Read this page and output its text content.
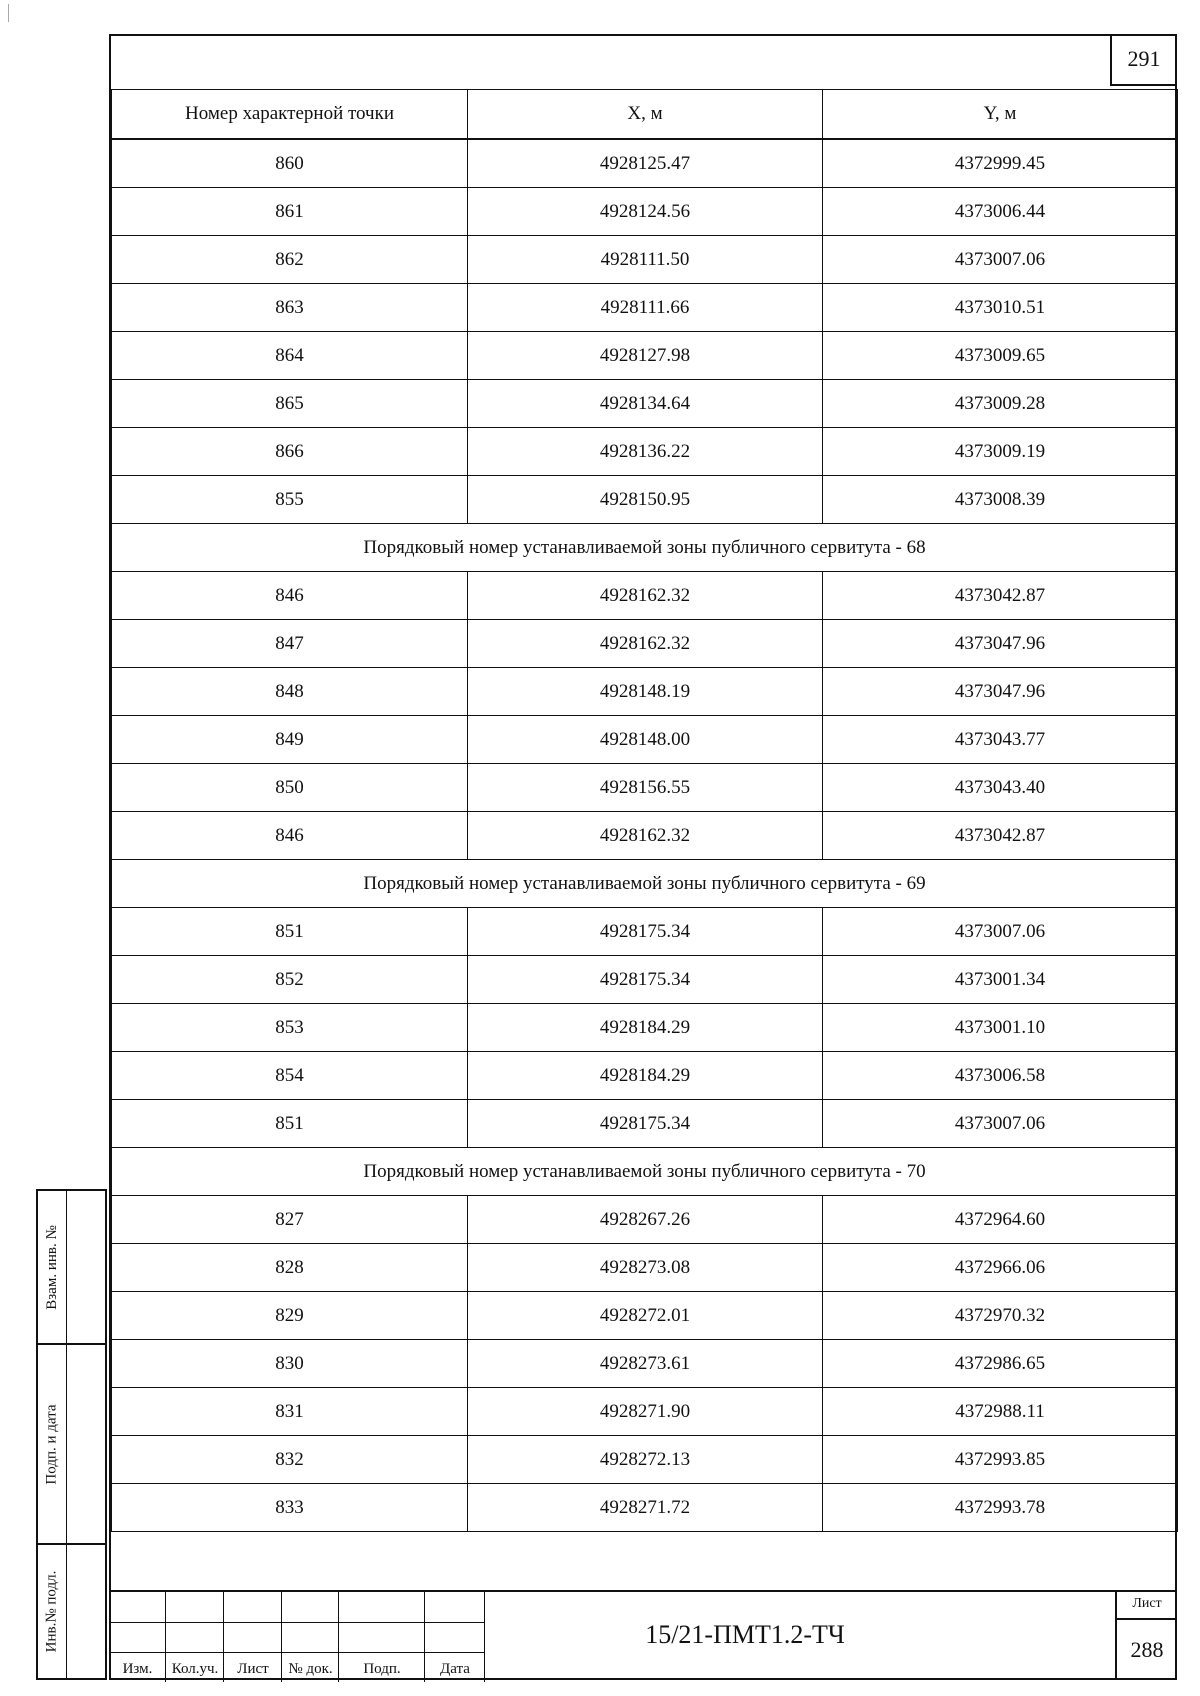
291
Номер характерной точки	X, м	Y, м
860	4928125.47	4372999.45
861	4928124.56	4373006.44
862	4928111.50	4373007.06
863	4928111.66	4373010.51
864	4928127.98	4373009.65
865	4928134.64	4373009.28
866	4928136.22	4373009.19
855	4928150.95	4373008.39
Порядковый номер устанавливаемой зоны публичного сервитута - 68		
846	4928162.32	4373042.87
847	4928162.32	4373047.96
848	4928148.19	4373047.96
849	4928148.00	4373043.77
850	4928156.55	4373043.40
846	4928162.32	4373042.87
Порядковый номер устанавливаемой зоны публичного сервитута - 69		
851	4928175.34	4373007.06
852	4928175.34	4373001.34
853	4928184.29	4373001.10
854	4928184.29	4373006.58
851	4928175.34	4373007.06
Порядковый номер устанавливаемой зоны публичного сервитута - 70		
827	4928267.26	4372964.60
828	4928273.08	4372966.06
829	4928272.01	4372970.32
830	4928273.61	4372986.65
831	4928271.90	4372988.11
832	4928272.13	4372993.85
833	4928271.72	4372993.78
Взам. инв. №
Подп. и дата
Инв.№ подл.
Изм.	Кол.уч.	Лист	№ док.	Подп.	Дата
15/21-ПМТ1.2-ТЧ
Лист
288
